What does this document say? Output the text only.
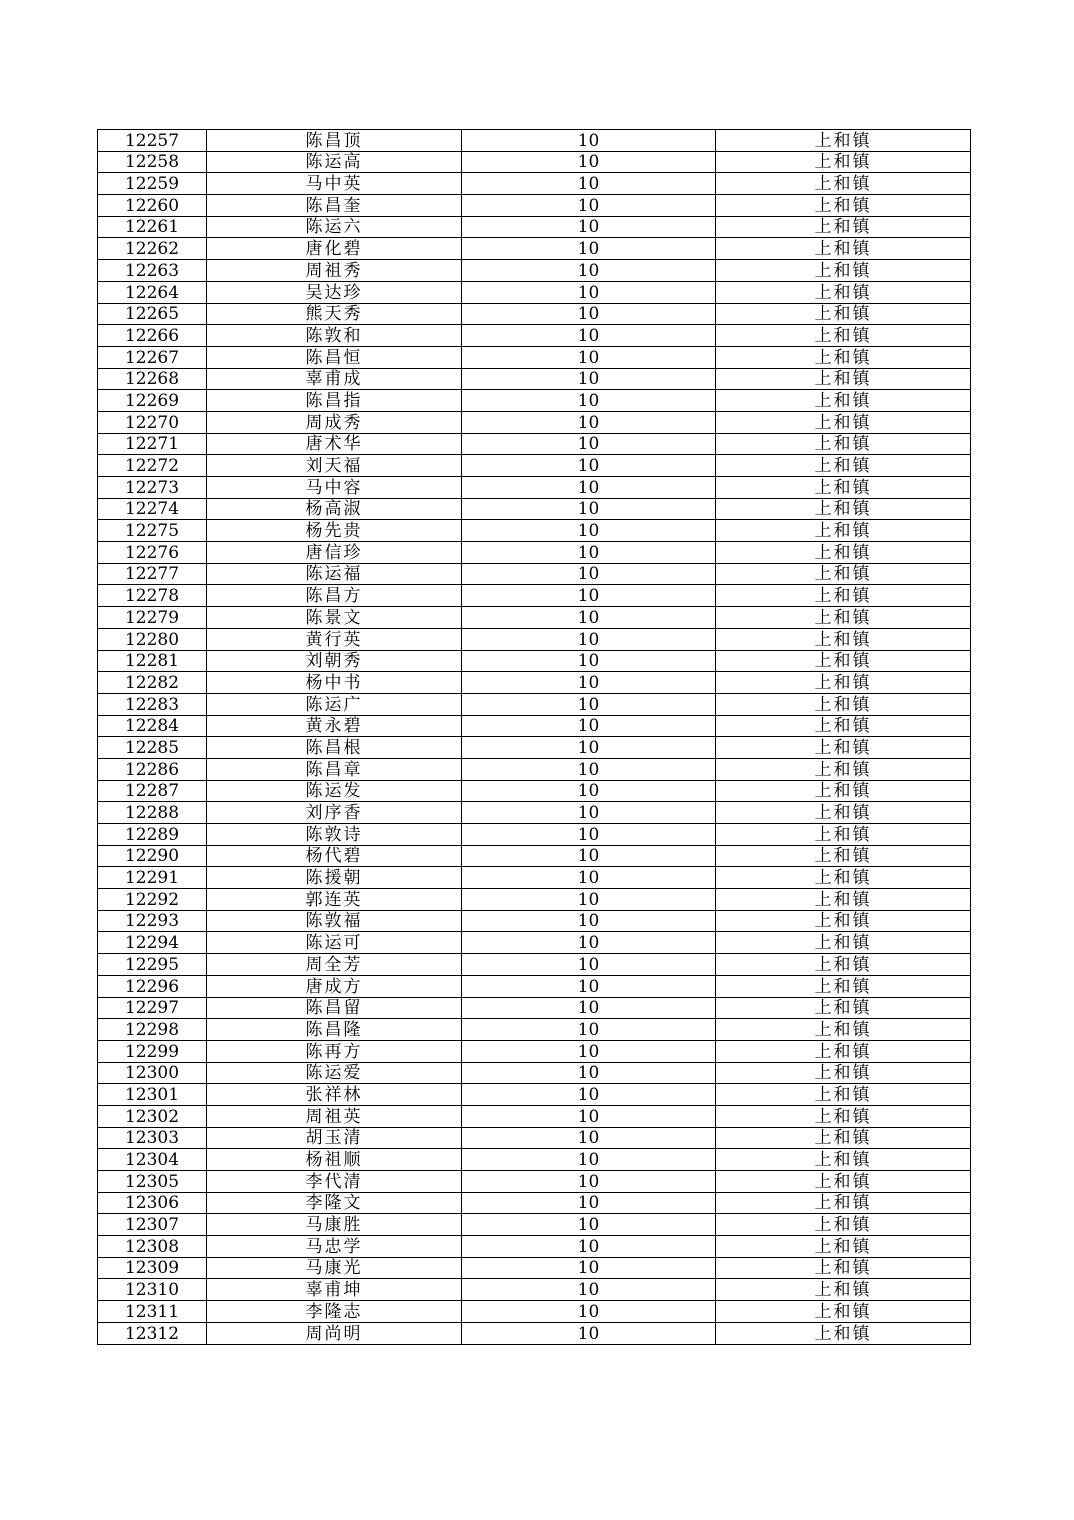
12257	陈昌顶	10	上和镇
12258	陈运高	10	上和镇
12259	马中英	10	上和镇
12260	陈昌奎	10	上和镇
12261	陈运六	10	上和镇
12262	唐化碧	10	上和镇
12263	周祖秀	10	上和镇
12264	吴达珍	10	上和镇
12265	熊天秀	10	上和镇
12266	陈敦和	10	上和镇
12267	陈昌恒	10	上和镇
12268	辜甫成	10	上和镇
12269	陈昌指	10	上和镇
12270	周成秀	10	上和镇
12271	唐术华	10	上和镇
12272	刘天福	10	上和镇
12273	马中容	10	上和镇
12274	杨高淑	10	上和镇
12275	杨先贵	10	上和镇
12276	唐信珍	10	上和镇
12277	陈运福	10	上和镇
12278	陈昌方	10	上和镇
12279	陈景文	10	上和镇
12280	黄行英	10	上和镇
12281	刘朝秀	10	上和镇
12282	杨中书	10	上和镇
12283	陈运广	10	上和镇
12284	黄永碧	10	上和镇
12285	陈昌根	10	上和镇
12286	陈昌章	10	上和镇
12287	陈运发	10	上和镇
12288	刘序香	10	上和镇
12289	陈敦诗	10	上和镇
12290	杨代碧	10	上和镇
12291	陈援朝	10	上和镇
12292	郭连英	10	上和镇
12293	陈敦福	10	上和镇
12294	陈运可	10	上和镇
12295	周全芳	10	上和镇
12296	唐成方	10	上和镇
12297	陈昌留	10	上和镇
12298	陈昌隆	10	上和镇
12299	陈再方	10	上和镇
12300	陈运爱	10	上和镇
12301	张祥林	10	上和镇
12302	周祖英	10	上和镇
12303	胡玉清	10	上和镇
12304	杨祖顺	10	上和镇
12305	李代清	10	上和镇
12306	李隆文	10	上和镇
12307	马康胜	10	上和镇
12308	马忠学	10	上和镇
12309	马康光	10	上和镇
12310	辜甫坤	10	上和镇
12311	李隆志	10	上和镇
12312	周尚明	10	上和镇
